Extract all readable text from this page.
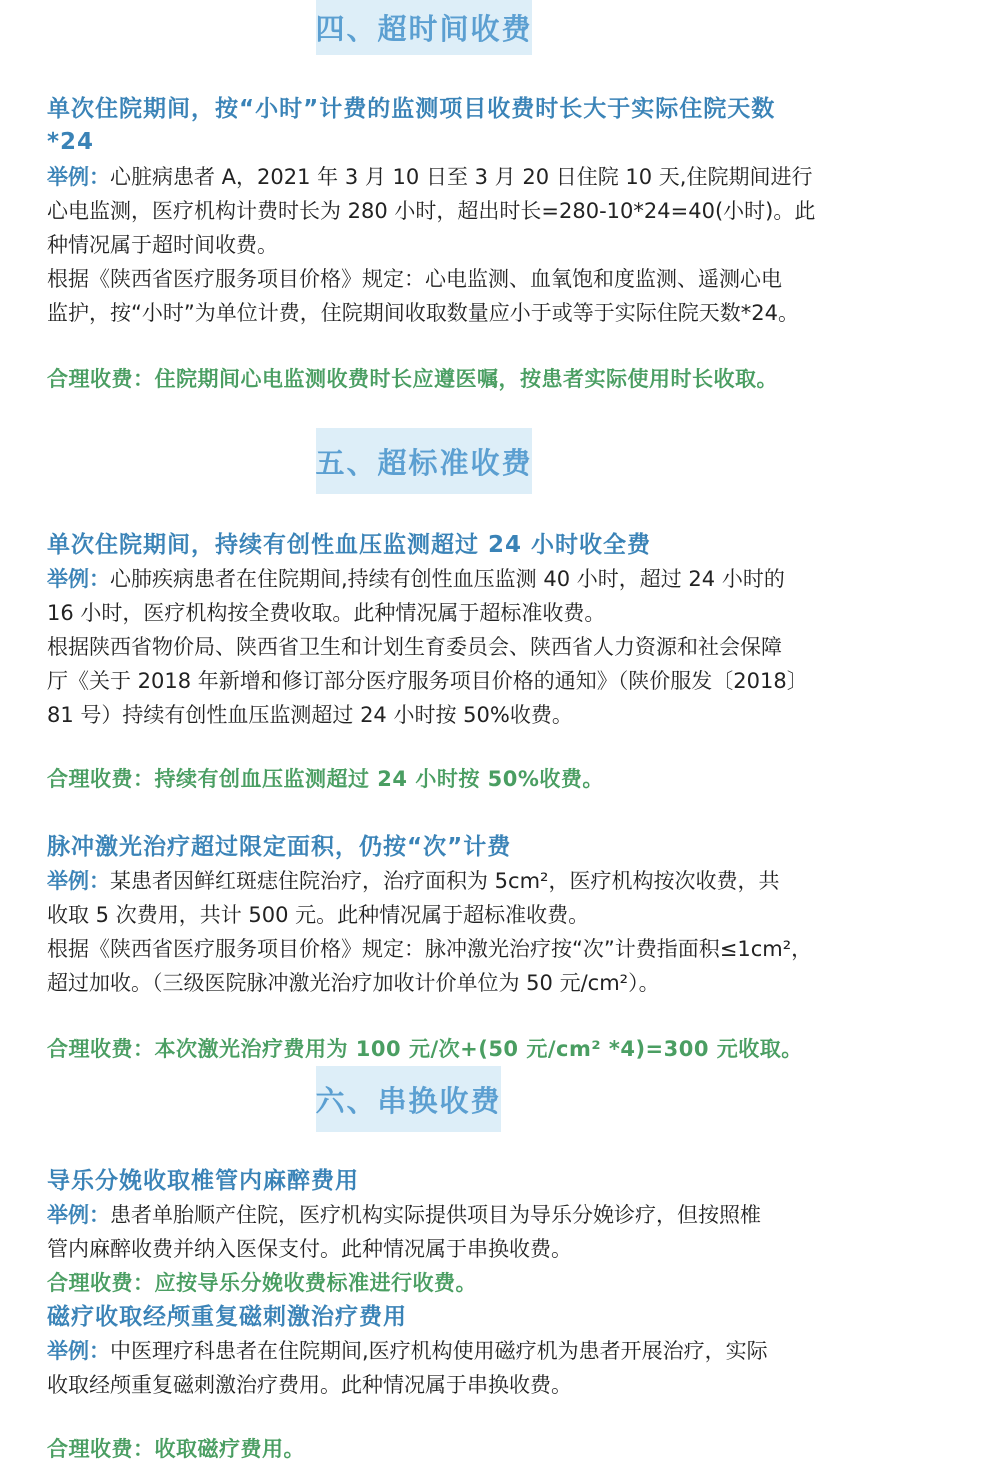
四、超时间收费
单次住院期间，按“小时”计费的监测项目收费时长大于实际住院天数
*24
举例：心脏病患者 A，2021 年 3 月 10 日至 3 月 20 日住院 10 天,住院期间进行
心电监测，医疗机构计费时长为 280 小时，超出时长=280-10*24=40(小时)。此
种情况属于超时间收费。
根据《陕西省医疗服务项目价格》规定：心电监测、血氧饱和度监测、遥测心电
监护，按“小时”为单位计费，住院期间收取数量应小于或等于实际住院天数*24。
合理收费：住院期间心电监测收费时长应遵医嘱，按患者实际使用时长收取。
五、超标准收费
单次住院期间，持续有创性血压监测超过 24 小时收全费
举例：心肺疾病患者在住院期间,持续有创性血压监测 40 小时，超过 24 小时的
16 小时，医疗机构按全费收取。此种情况属于超标准收费。
根据陕西省物价局、陕西省卫生和计划生育委员会、陕西省人力资源和社会保障
厅《关于 2018 年新增和修订部分医疗服务项目价格的通知》（陕价服发〔2018〕
81 号）持续有创性血压监测超过 24 小时按 50%收费。
合理收费：持续有创血压监测超过 24 小时按 50%收费。
脉冲激光治疗超过限定面积，仍按“次”计费
举例：某患者因鲜红斑痣住院治疗，治疗面积为 5cm²，医疗机构按次收费，共
收取 5 次费用，共计 500 元。此种情况属于超标准收费。
根据《陕西省医疗服务项目价格》规定：脉冲激光治疗按“次”计费指面积≤1cm²，
超过加收。（三级医院脉冲激光治疗加收计价单位为 50 元/cm²）。
合理收费：本次激光治疗费用为 100 元/次+(50 元/cm² *4)=300 元收取。
六、串换收费
导乐分娩收取椎管内麻醉费用
举例：患者单胎顺产住院，医疗机构实际提供项目为导乐分娩诊疗，但按照椎
管内麻醉收费并纳入医保支付。此种情况属于串换收费。
合理收费：应按导乐分娩收费标准进行收费。
磁疗收取经颅重复磁刺激治疗费用
举例：中医理疗科患者在住院期间,医疗机构使用磁疗机为患者开展治疗，实际
收取经颅重复磁刺激治疗费用。此种情况属于串换收费。
合理收费：收取磁疗费用。
